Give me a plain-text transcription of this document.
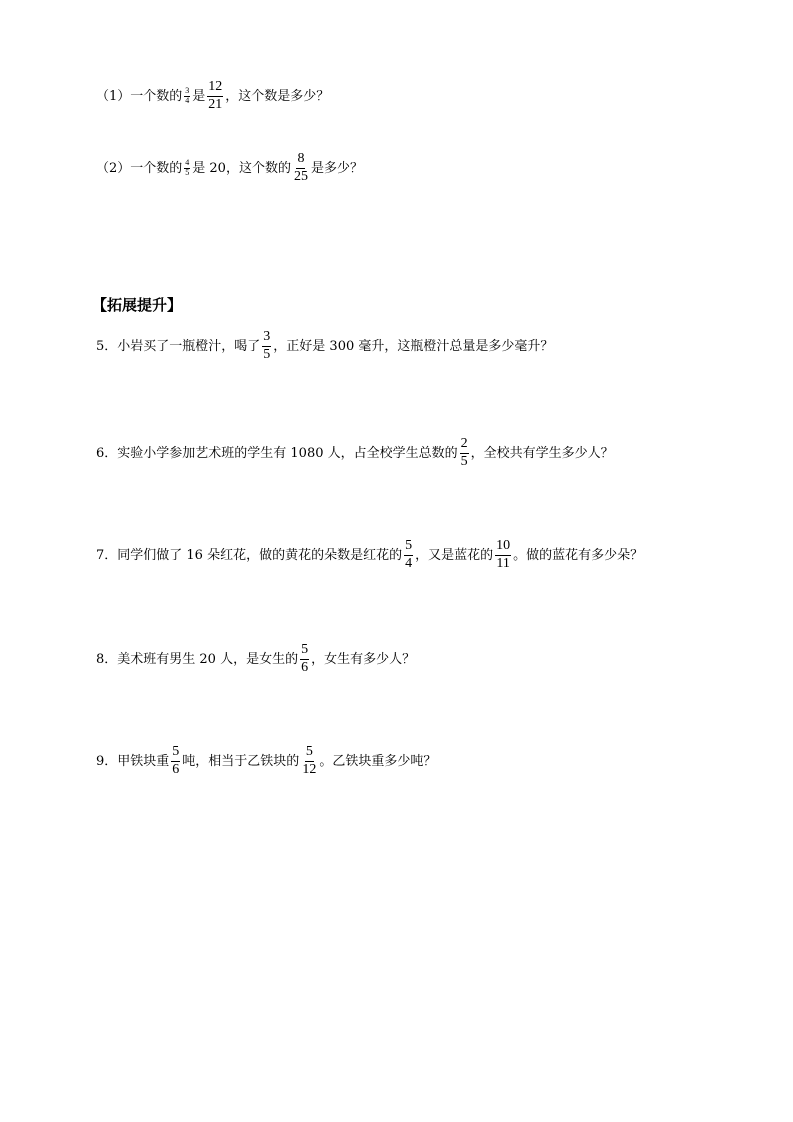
（1）一个数的 $\frac{3}{4}$ 是 $\frac{12}{21}$ ，这个数是多少？
（2）一个数的 $\frac{4}{5}$ 是 20，这个数的 $\frac{8}{25}$ 是多少？
【拓展提升】
5． 小岩买了一瓶橙汁，喝了 $\frac{3}{5}$ ，正好是 300 毫升，这瓶橙汁总量是多少毫升？
6． 实验小学参加艺术班的学生有 1080 人，占全校学生总数的 $\frac{2}{5}$ ，全校共有学生多少人？
7． 同学们做了 16 朵红花，做的黄花的朵数是红花的 $\frac{5}{4}$ ，又是蓝花的 $\frac{10}{11}$ 。做的蓝花有多少朵？
8． 美术班有男生 20 人，是女生的 $\frac{5}{6}$ ，女生有多少人？
9． 甲铁块重 $\frac{5}{6}$ 吨，相当于乙铁块的 $\frac{5}{12}$ 。乙铁块重多少吨？
